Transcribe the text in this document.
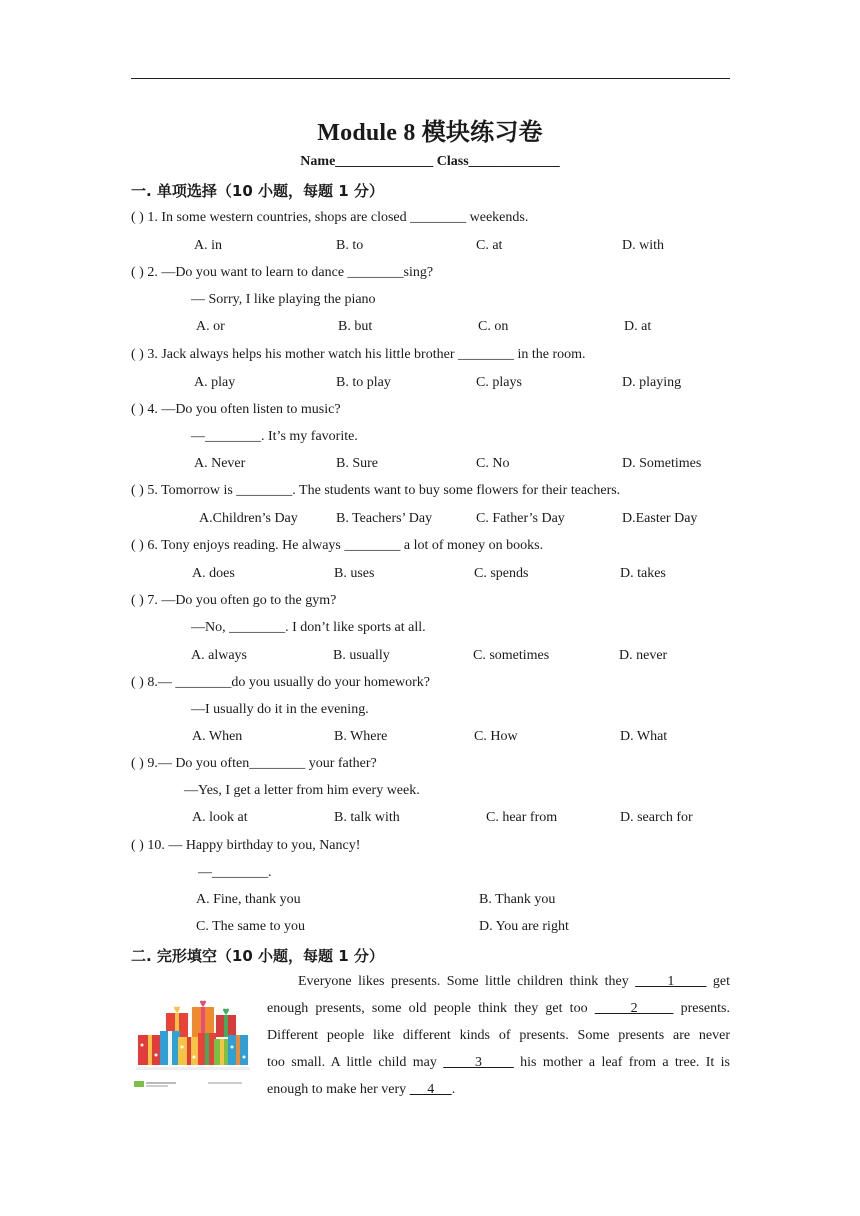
Module 8 模块练习卷
Name______________ Class_____________
一. 单项选择（10 小题，每题 1 分）
( ) 1. In some western countries, shops are closed ________ weekends.
A. in	B. to	C. at	D. with
( ) 2. —Do you want to learn to dance ________sing?
— Sorry, I like playing the piano
A. or	B. but	C. on	D. at
( ) 3. Jack always helps his mother watch his little brother ________ in the room.
A. play	B. to play	C. plays	D. playing
( ) 4. —Do you often listen to music?
—________. It’s my favorite.
A. Never	B. Sure	C. No	D. Sometimes
( ) 5. Tomorrow is ________. The students want to buy some flowers for their teachers.
A.Children’s Day	B. Teachers’ Day	C. Father’s Day	D.Easter Day
( ) 6. Tony enjoys reading. He always ________ a lot of money on books.
A. does	B. uses	C. spends	D. takes
( ) 7. —Do you often go to the gym?
—No, ________. I don’t like sports at all.
A. always	B. usually	C. sometimes	D. never
( ) 8.— ________do you usually do your homework?
—I usually do it in the evening.
A. When	B. Where	C. How	D. What
( ) 9.— Do you often________ your father?
—Yes, I get a letter from him every week.
A. look at	B. talk with	C. hear from	D. search for
( ) 10. — Happy birthday to you, Nancy!
—________.
A. Fine, thank you	B. Thank you
C. The same to you	D. You are right
二. 完形填空（10 小题，每题 1 分）
Everyone likes presents. Some little children think they      1      get
enough presents, some old people think they get too      2      presents.
Different people like different kinds of presents. Some presents are never
too small. A little child may      3      his mother a leaf from a tree. It is
enough to make her very      4     .
